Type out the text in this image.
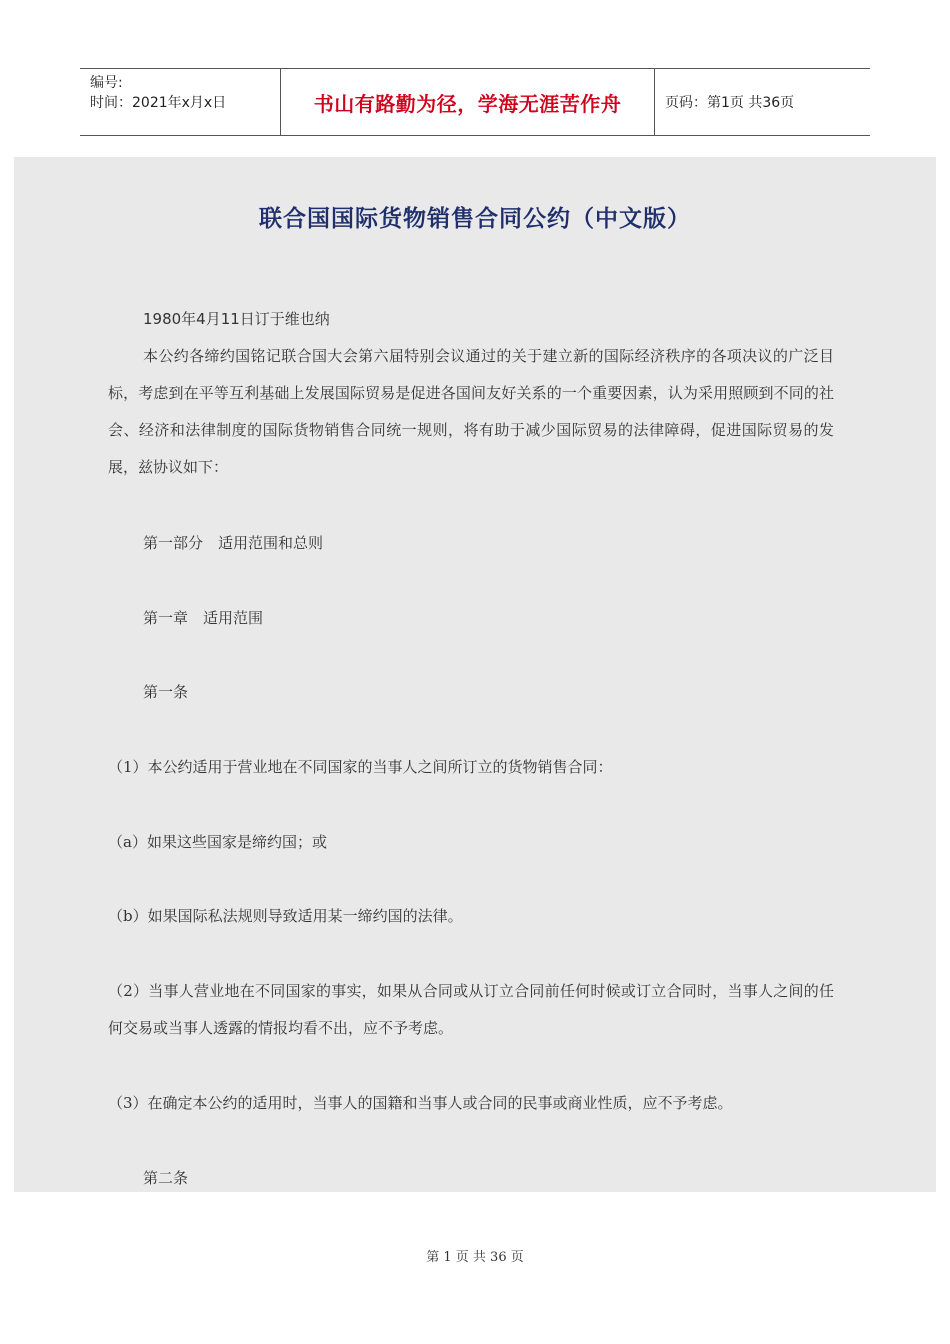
编号:
时间：2021年x月x日	书山有路勤为径，学海无涯苦作舟	页码：第1页 共36页
联合国国际货物销售合同公约（中文版）
1980年4月11日订于维也纳
本公约各缔约国铭记联合国大会第六届特别会议通过的关于建立新的国际经济秩序的各项决议的广泛目标，考虑到在平等互利基础上发展国际贸易是促进各国间友好关系的一个重要因素，认为采用照顾到不同的社会、经济和法律制度的国际货物销售合同统一规则，将有助于减少国际贸易的法律障碍，促进国际贸易的发展，兹协议如下：
第一部分　适用范围和总则
第一章　适用范围
第一条
（1）本公约适用于营业地在不同国家的当事人之间所订立的货物销售合同：
（a）如果这些国家是缔约国；或
（b）如果国际私法规则导致适用某一缔约国的法律。
（2）当事人营业地在不同国家的事实，如果从合同或从订立合同前任何时候或订立合同时，当事人之间的任何交易或当事人透露的情报均看不出，应不予考虑。
（3）在确定本公约的适用时，当事人的国籍和当事人或合同的民事或商业性质，应不予考虑。
第二条
第 1 页 共 36 页
